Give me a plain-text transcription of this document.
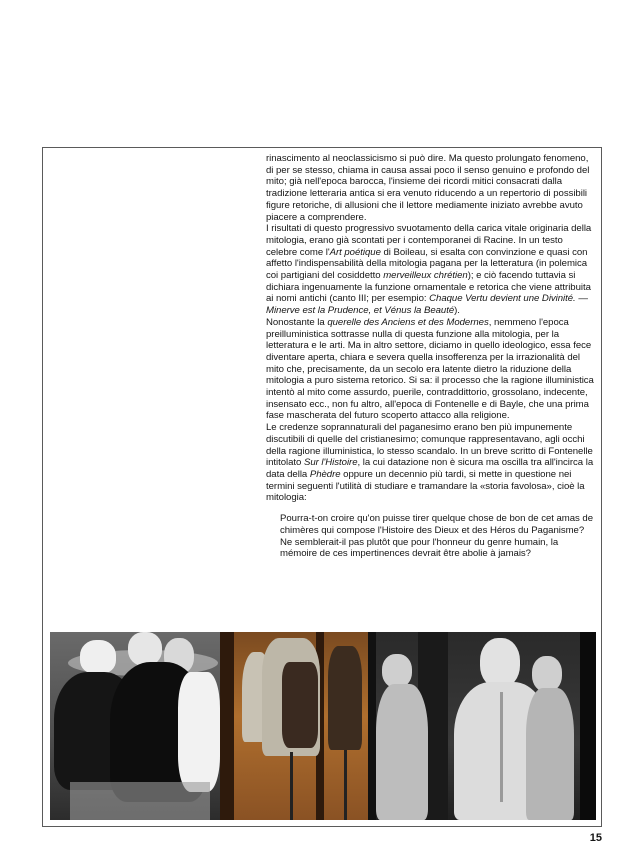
rinascimento al neoclassicismo si può dire. Ma questo prolungato fenomeno, di per se stesso, chiama in causa assai poco il senso genuino e profondo del mito; già nell'epoca barocca, l'insieme dei ricordi mitici consacrati dalla tradizione letteraria antica si era venuto riducendo a un repertorio di possibili figure retoriche, di allusioni che il lettore mediamente iniziato avrebbe avuto piacere a comprendere.

I risultati di questo progressivo svuotamento della carica vitale originaria della mitologia, erano già scontati per i contemporanei di Racine. In un testo celebre come l'Art poétique di Boileau, si esalta con convinzione e quasi con affetto l'indispensabilità della mitologia pagana per la letteratura (in polemica coi partigiani del cosiddetto merveilleux chrétien); e ciò facendo tuttavia si dichiara ingenuamente la funzione ornamentale e retorica che viene attribuita ai nomi antichi (canto III; per esempio: Chaque Vertu devient une Divinité. — Minerve est la Prudence, et Vénus la Beauté).

Nonostante la querelle des Anciens et des Modernes, nemmeno l'epoca preilluministica sottrasse nulla di questa funzione alla mitologia, per la letteratura e le arti. Ma in altro settore, diciamo in quello ideologico, essa fece diventare aperta, chiara e severa quella insofferenza per la irrazionalità del mito che, precisamente, da un secolo era latente dietro la riduzione della mitologia a puro sistema retorico. Si sa: il processo che la ragione illuministica intentò al mito come assurdo, puerile, contraddittorio, grossolano, indecente, insensato ecc., non fu altro, all'epoca di Fontenelle e di Bayle, che una prima fase mascherata del futuro scoperto attacco alla religione.

Le credenze soprannaturali del paganesimo erano ben più impunemente discutibili di quelle del cristianesimo; comunque rappresentavano, agli occhi della ragione illuministica, lo stesso scandalo. In un breve scritto di Fontenelle intitolato Sur l'Histoire, la cui datazione non è sicura ma oscilla tra all'incirca la data della Phèdre oppure un decennio più tardi, si mette in questione nei termini seguenti l'utilità di studiare e tramandare la «storia favolosa», cioè la mitologia:

Pourra-t-on croire qu'on puisse tirer quelque chose de bon de cet amas de chimères qui compose l'Histoire des Dieux et des Héros du Paganisme? Ne semblerait-il pas plutôt que pour l'honneur du genre humain, la mémoire de ces impertinences devrait être abolie à jamais?

15
